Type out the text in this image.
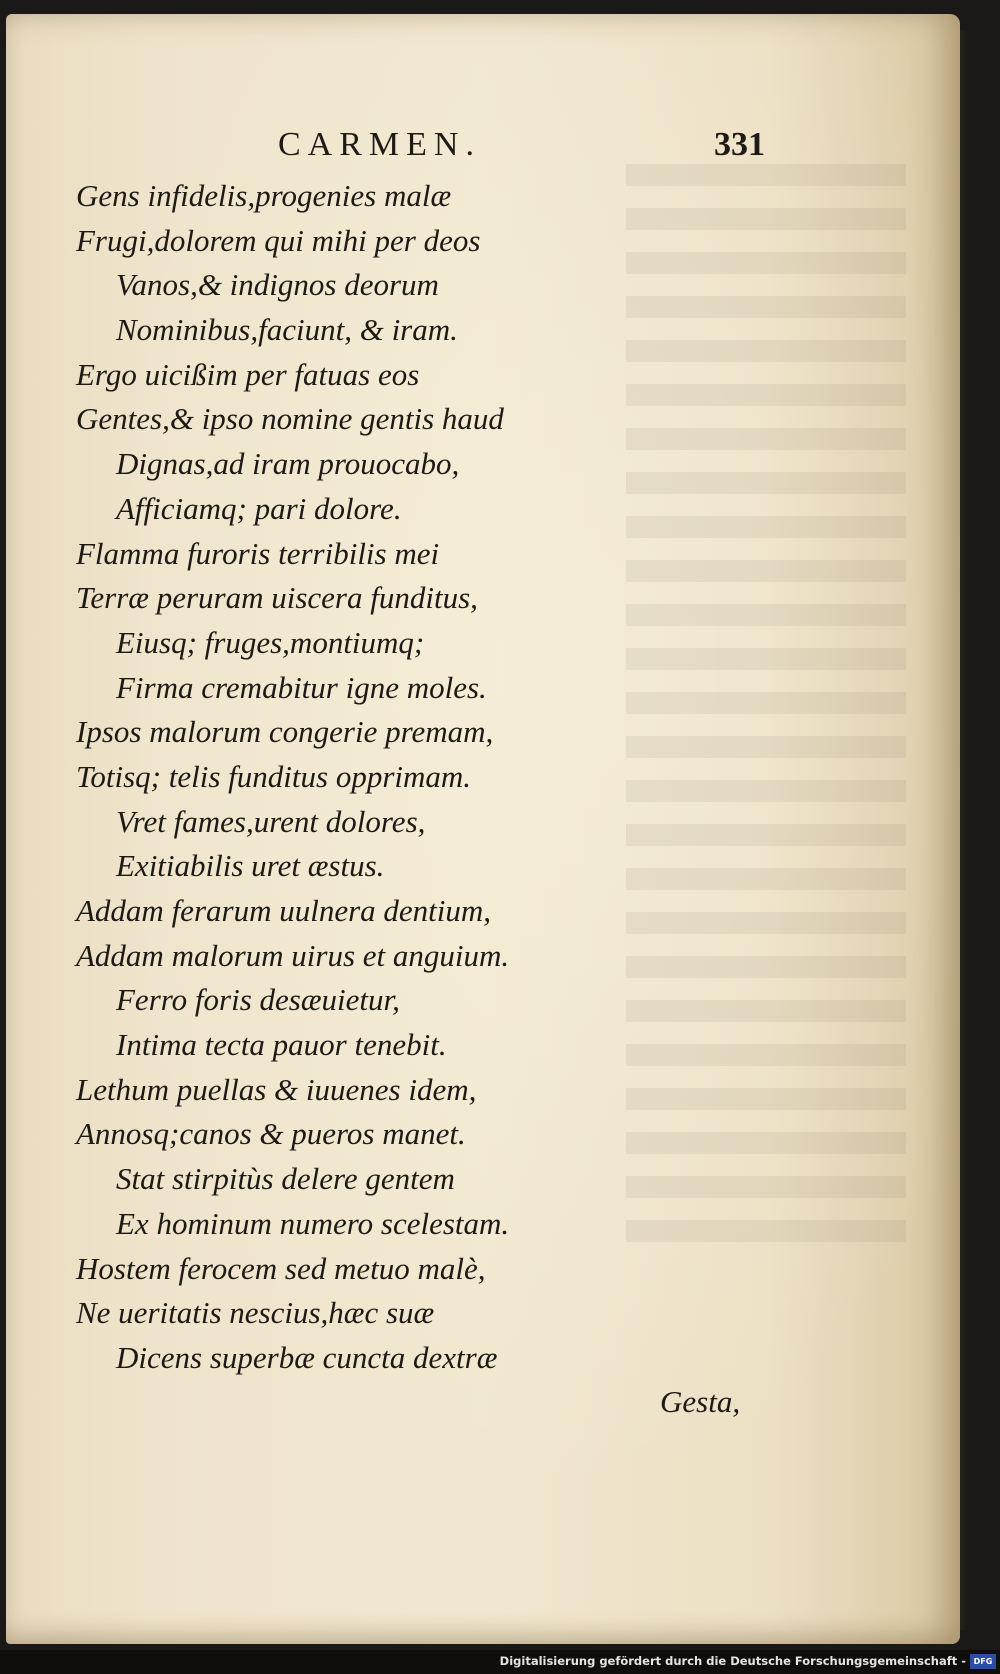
CARMEN.	331
Gens infidelis,progenies malæ
Frugi,dolorem qui mihi per deos
Vanos,& indignos deorum
Nominibus,faciunt, & iram.
Ergo uicißim per fatuas eos
Gentes,& ipso nomine gentis haud
Dignas,ad iram prouocabo,
Afficiamq; pari dolore.
Flamma furoris terribilis mei
Terræ peruram uiscera funditus,
Eiusq; fruges,montiumq;
Firma cremabitur igne moles.
Ipsos malorum congerie premam,
Totisq; telis funditus opprimam.
Vret fames,urent dolores,
Exitiabilis uret æstus.
Addam ferarum uulnera dentium,
Addam malorum uirus et anguium.
Ferro foris desæuietur,
Intima tecta pauor tenebit.
Lethum puellas & iuuenes idem,
Annosq;canos & pueros manet.
Stat stirpitùs delere gentem
Ex hominum numero scelestam.
Hostem ferocem sed metuo malè,
Ne ueritatis nescius,hæc suæ
Dicens superbæ cuncta dextræ
Gesta,
Digitalisierung gefördert durch die Deutsche Forschungsgemeinschaft - DFG
